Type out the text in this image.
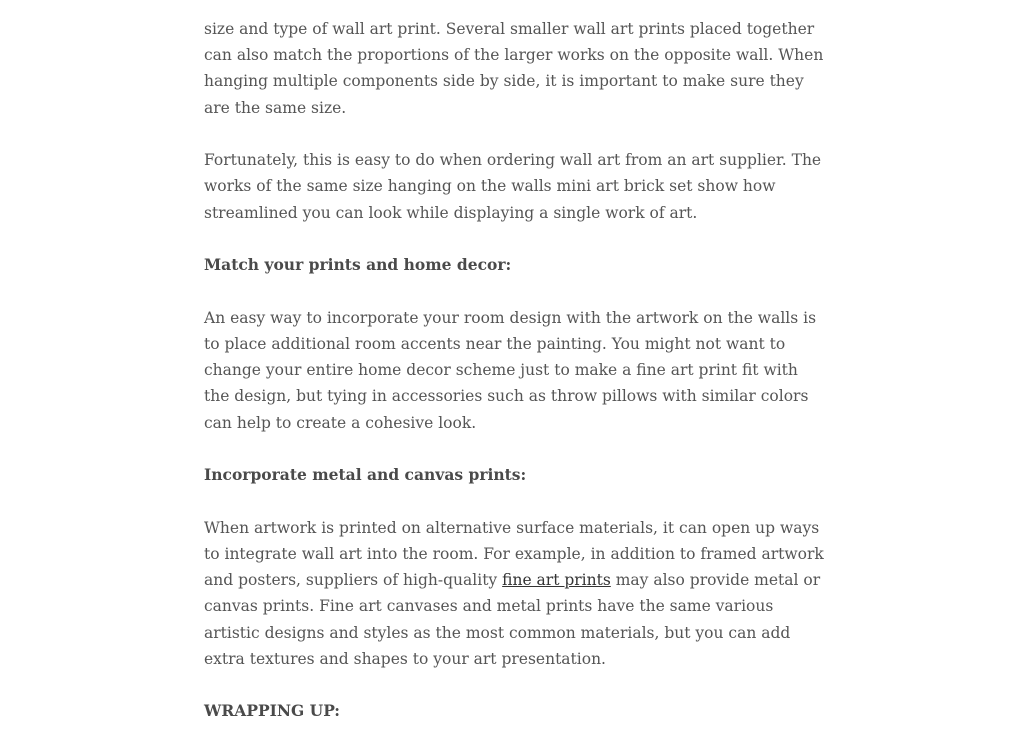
size and type of wall art print. Several smaller wall art prints placed together can also match the proportions of the larger works on the opposite wall. When hanging multiple components side by side, it is important to make sure they are the same size.

Fortunately, this is easy to do when ordering wall art from an art supplier. The works of the same size hanging on the walls mini art brick set show how streamlined you can look while displaying a single work of art.

Match your prints and home decor:

An easy way to incorporate your room design with the artwork on the walls is to place additional room accents near the painting. You might not want to change your entire home decor scheme just to make a fine art print fit with the design, but tying in accessories such as throw pillows with similar colors can help to create a cohesive look.

Incorporate metal and canvas prints:

When artwork is printed on alternative surface materials, it can open up ways to integrate wall art into the room. For example, in addition to framed artwork and posters, suppliers of high-quality fine art prints may also provide metal or canvas prints. Fine art canvases and metal prints have the same various artistic designs and styles as the most common materials, but you can add extra textures and shapes to your art presentation.

WRAPPING UP:
